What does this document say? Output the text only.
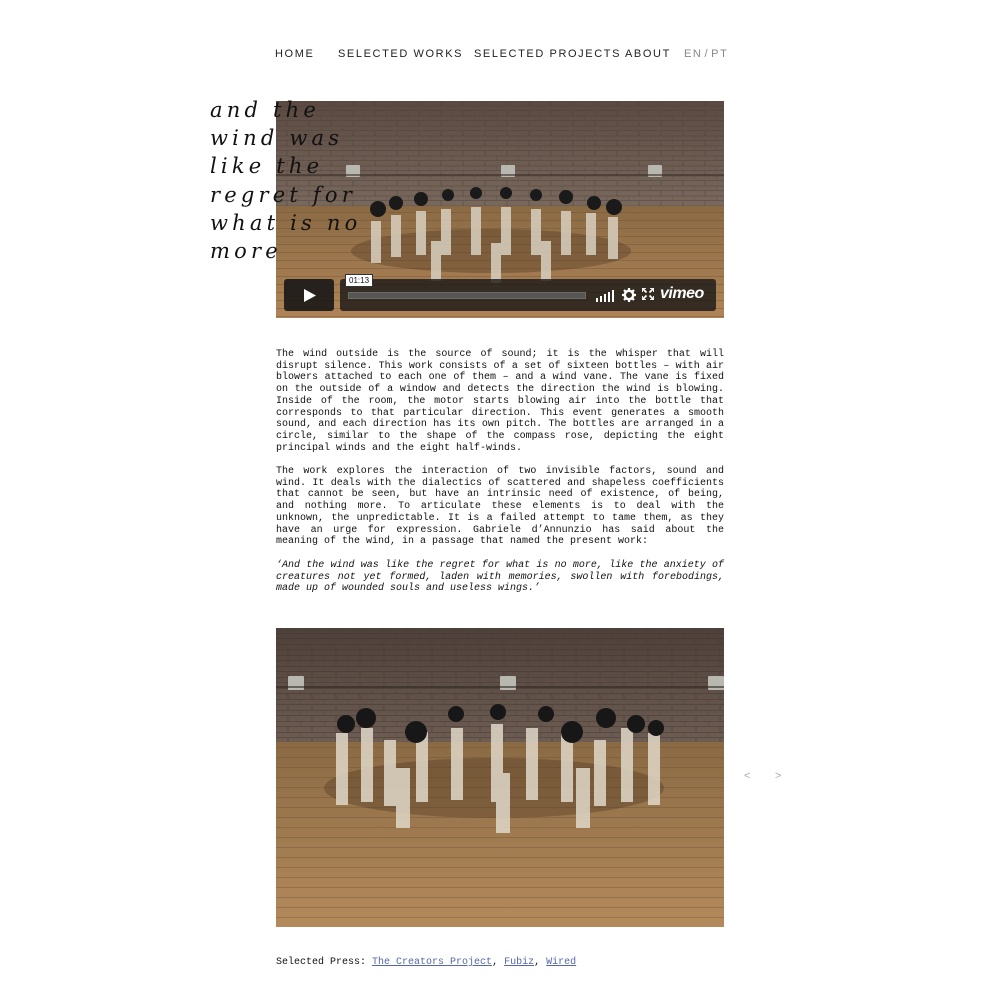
HOME SELECTED WORKS SELECTED PROJECTS ABOUT EN / PT
vimeo
01:13
and the
wind was
like the
regret for
what is no
more

The wind outside is the source of sound; it is the whisper that will disrupt silence. This work consists of a set of sixteen bottles – with air blowers attached to each one of them – and a wind vane. The vane is fixed on the outside of a window and detects the direction the wind is blowing. Inside of the room, the motor starts blowing air into the bottle that corresponds to that particular direction. This event generates a smooth sound, and each direction has its own pitch. The bottles are arranged in a circle, similar to the shape of the compass rose, depicting the eight principal winds and the eight half-winds.

The work explores the interaction of two invisible factors, sound and wind. It deals with the dialectics of scattered and shapeless coefficients that cannot be seen, but have an intrinsic need of existence, of being, and nothing more. To articulate these elements is to deal with the unknown, the unpredictable. It is a failed attempt to tame them, as they have an urge for expression. Gabriele d’Annunzio has said about the meaning of the wind, in a passage that named the present work:

‘And the wind was like the regret for what is no more, like the anxiety of creatures not yet formed, laden with memories, swollen with forebodings, made up of wounded souls and useless wings.’

< >
Selected Press: The Creators Project, Fubiz, Wired
